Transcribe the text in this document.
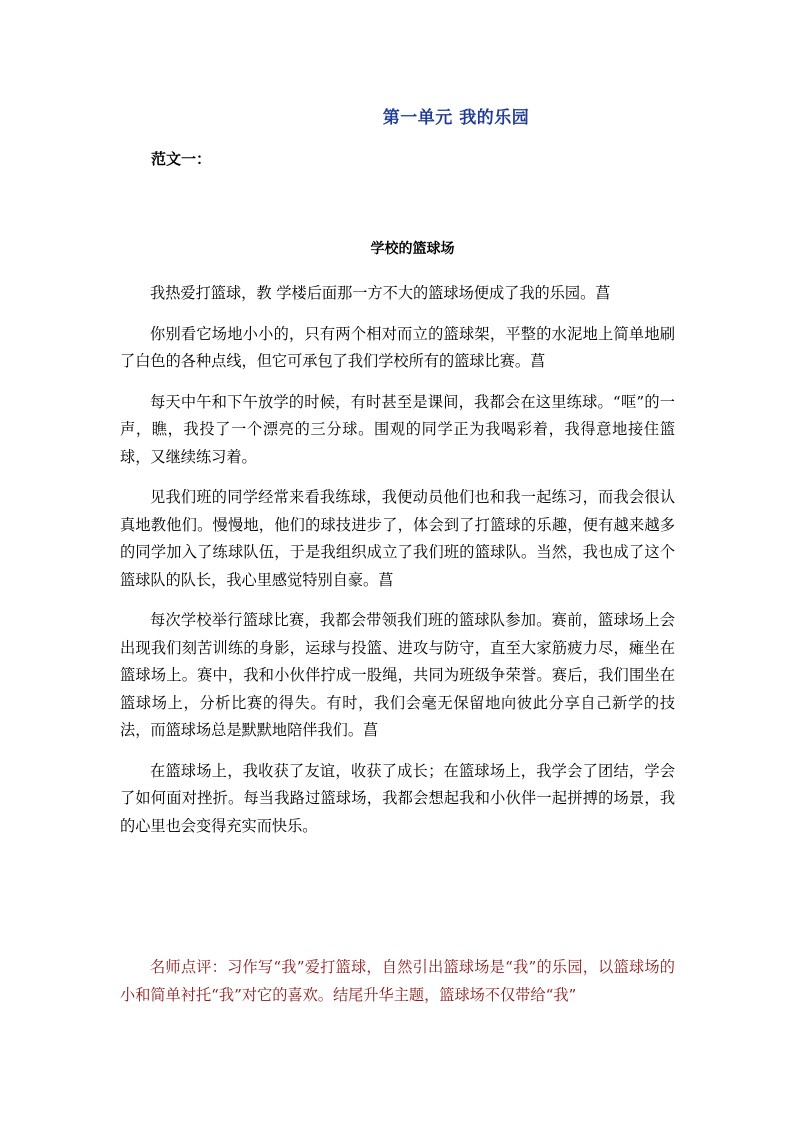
第一单元 我的乐园
范文一：
学校的篮球场

我热爱打篮球，教 学楼后面那一方不大的篮球场便成了我的乐园。菖

你别看它场地小小的，只有两个相对而立的篮球架，平整的水泥地上简单地刷了白色的各种点线，但它可承包了我们学校所有的篮球比赛。菖

每天中午和下午放学的时候，有时甚至是课间，我都会在这里练球。“哐”的一声，瞧，我投了一个漂亮的三分球。围观的同学正为我喝彩着，我得意地接住篮球，又继续练习着。

见我们班的同学经常来看我练球，我便动员他们也和我一起练习，而我会很认真地教他们。慢慢地，他们的球技进步了，体会到了打篮球的乐趣，便有越来越多的同学加入了练球队伍，于是我组织成立了我们班的篮球队。当然，我也成了这个篮球队的队长，我心里感觉特别自豪。菖

每次学校举行篮球比赛，我都会带领我们班的篮球队参加。赛前，篮球场上会出现我们刻苦训练的身影，运球与投篮、进攻与防守，直至大家筋疲力尽，瘫坐在篮球场上。赛中，我和小伙伴拧成一股绳，共同为班级争荣誉。赛后，我们围坐在篮球场上，分析比赛的得失。有时，我们会毫无保留地向彼此分享自己新学的技法，而篮球场总是默默地陪伴我们。菖

在篮球场上，我收获了友谊，收获了成长；在篮球场上，我学会了团结，学会了如何面对挫折。每当我路过篮球场，我都会想起我和小伙伴一起拼搏的场景，我的心里也会变得充实而快乐。

名师点评：习作写“我”爱打篮球，自然引出篮球场是“我”的乐园，以篮球场的小和简单衬托“我”对它的喜欢。结尾升华主题，篮球场不仅带给“我”
